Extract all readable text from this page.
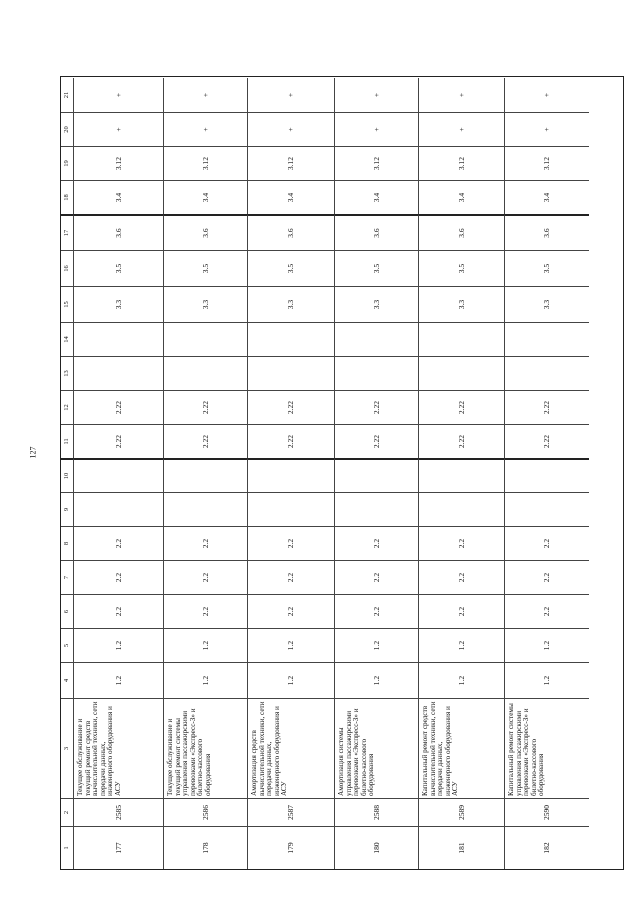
127
1
2
3
4
5
6
7
8
9
10
11
12
13
14
15
16
17
18
19
20
21
177
2585
Текущее обслуживание и текущий ремонт средств вычислительной техники, сети передачи данных, инженерного оборудования и АСУ
1.2
1.2
2.2
2.2
2.2
2.22
2.22
3.3
3.5
3.6
3.4
3.12
+
+
178
2586
Текущее обслуживание и текущий ремонт системы управления пассажирскими перевозками «Экспресс-3» и билетно-кассового оборудования
1.2
1.2
2.2
2.2
2.2
2.22
2.22
3.3
3.5
3.6
3.4
3.12
+
+
179
2587
Амортизация средств вычислительной техники, сети передачи данных, инженерного оборудования и АСУ
1.2
1.2
2.2
2.2
2.2
2.22
2.22
3.3
3.5
3.6
3.4
3.12
+
+
180
2588
Амортизация системы управления пассажирскими перевозками «Экспресс-3» и билетно-кассового оборудования
1.2
1.2
2.2
2.2
2.2
2.22
2.22
3.3
3.5
3.6
3.4
3.12
+
+
181
2589
Капитальный ремонт средств вычислительной техники, сети передачи данных, инженерного оборудования и АСУ
1.2
1.2
2.2
2.2
2.2
2.22
2.22
3.3
3.5
3.6
3.4
3.12
+
+
182
2590
Капитальный ремонт системы управления пассажирскими перевозками «Экспресс-3» и билетно-кассового оборудования
1.2
1.2
2.2
2.2
2.2
2.22
2.22
3.3
3.5
3.6
3.4
3.12
+
+
